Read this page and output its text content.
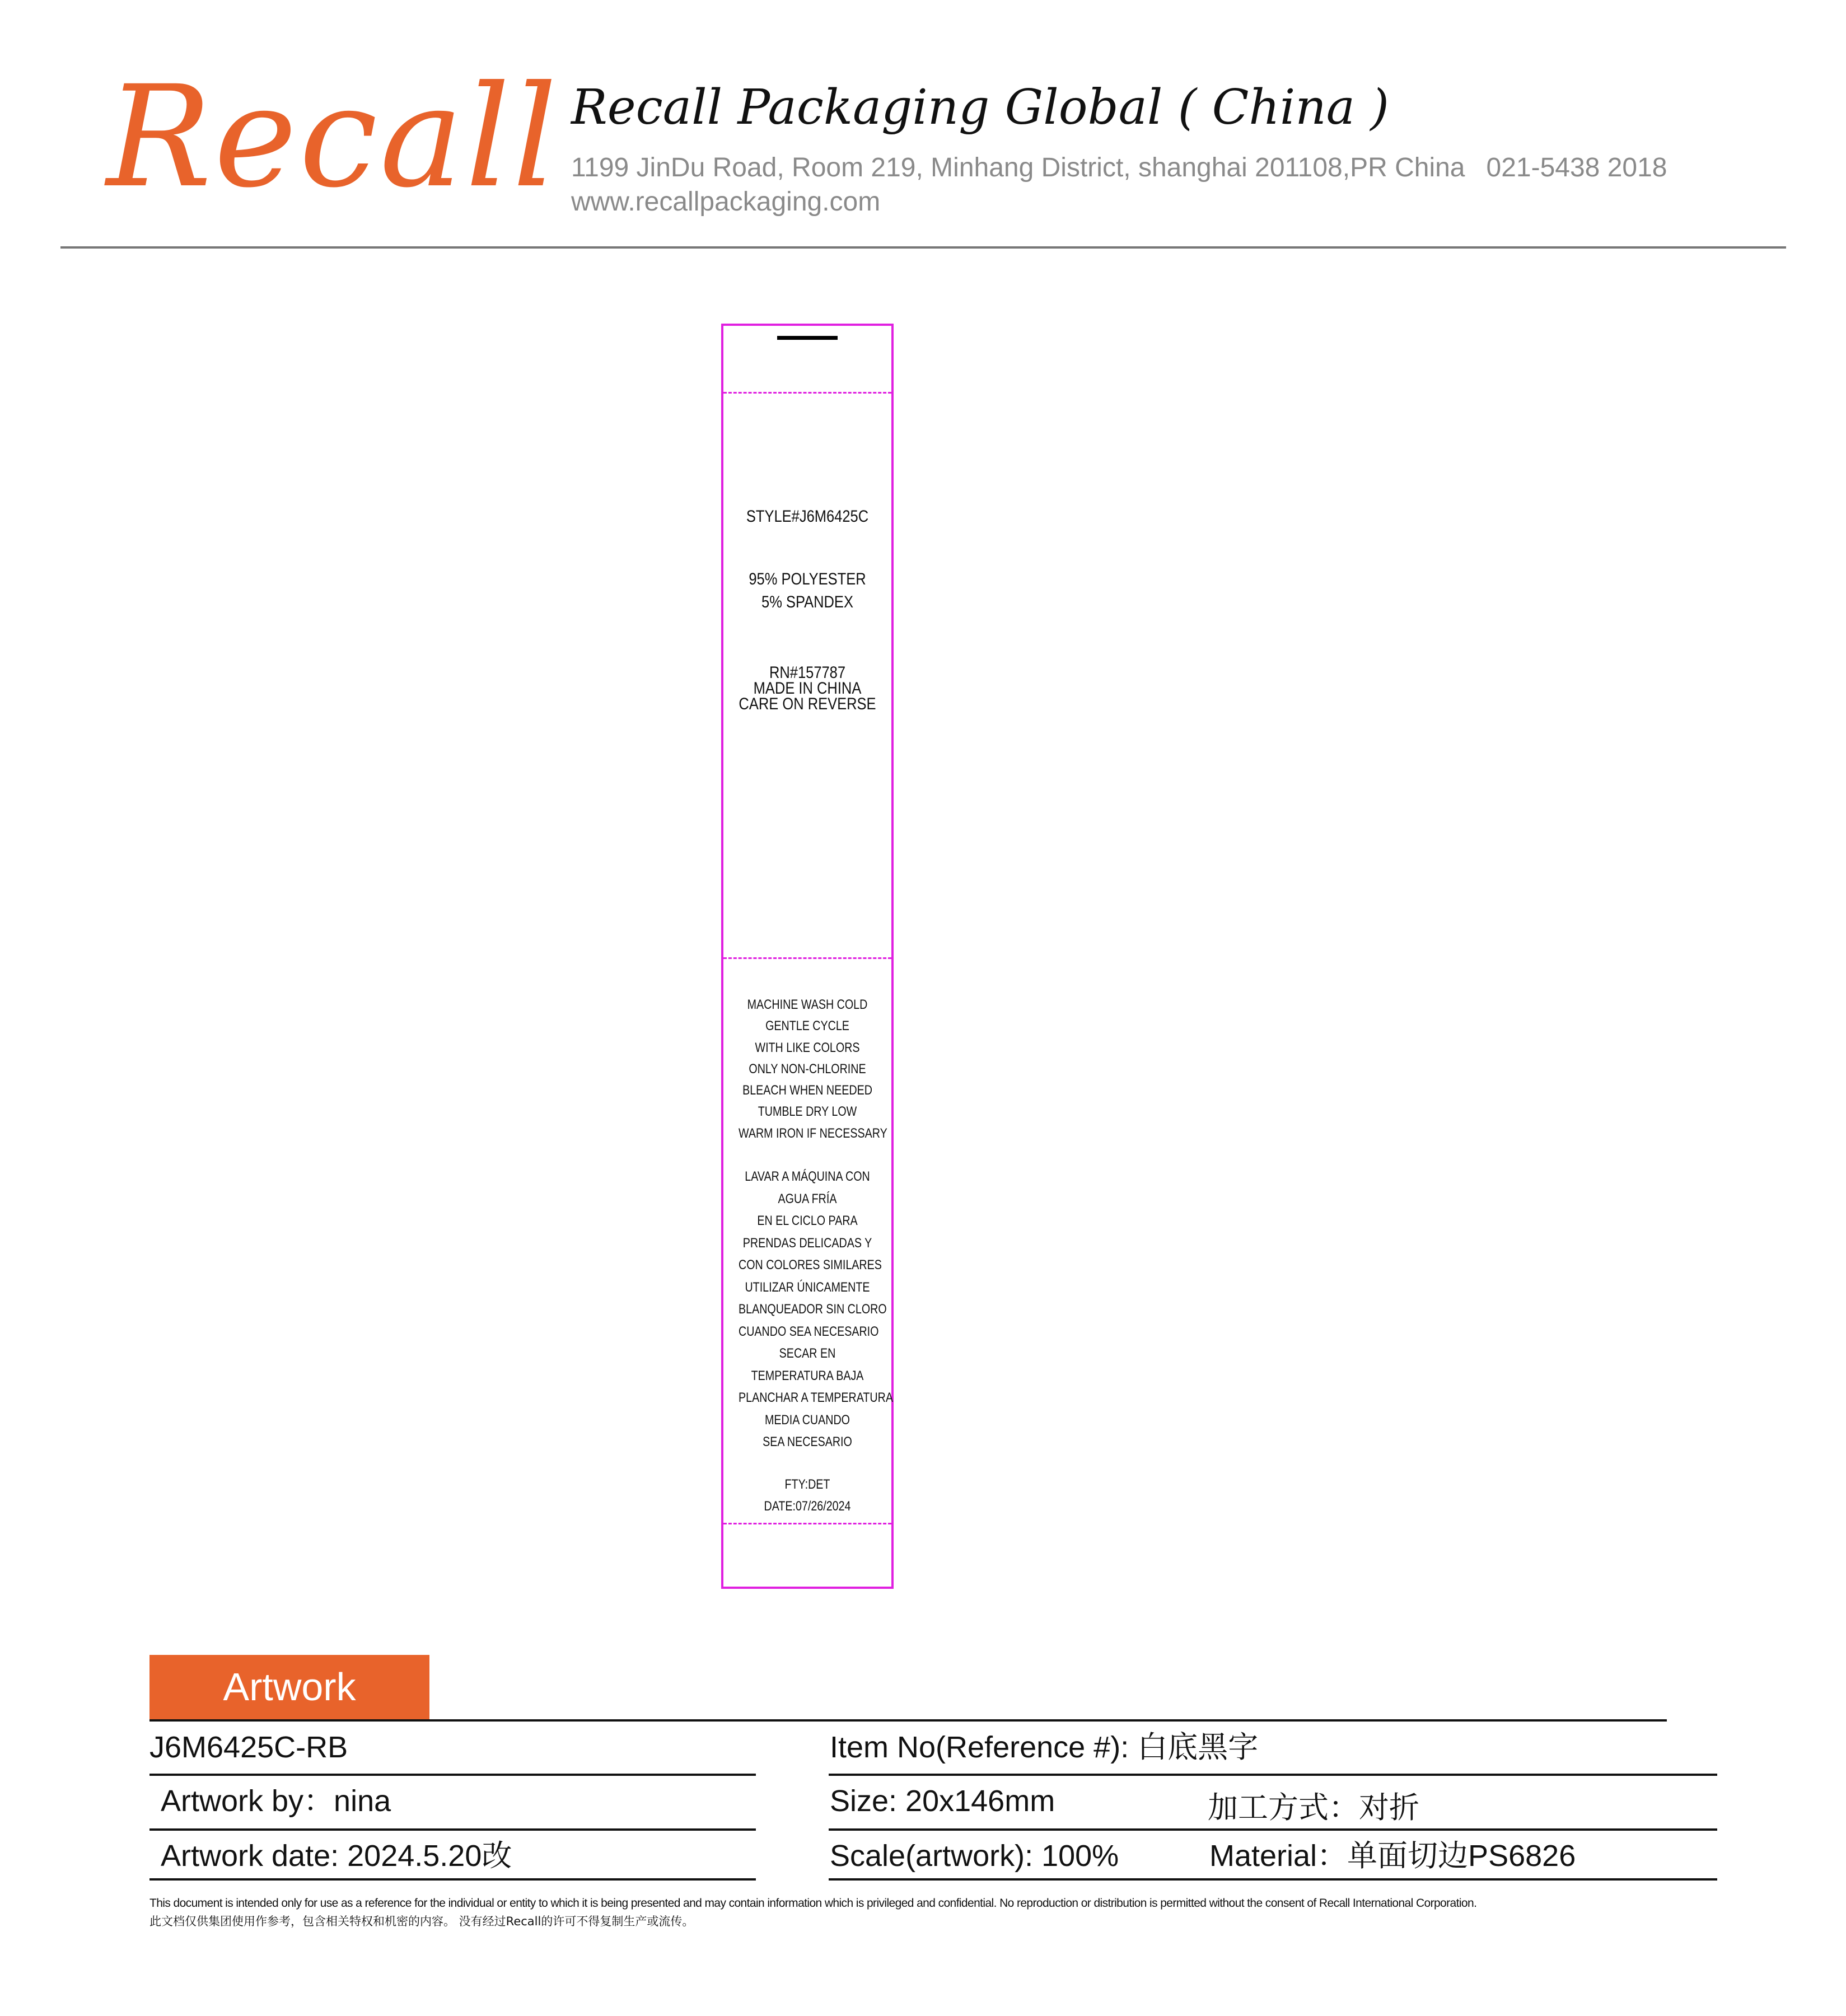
Recall Recall Packaging Global ( China )
1199 JinDu Road, Room 219, Minhang District, shanghai 201108,PR China 021-5438 2018
www.recallpackaging.com
STYLE#J6M6425C
95% POLYESTER
5% SPANDEX
RN#157787
MADE IN CHINA
CARE ON REVERSE
MACHINE WASH COLD
GENTLE CYCLE
WITH LIKE COLORS
ONLY NON-CHLORINE
BLEACH WHEN NEEDED
TUMBLE DRY LOW
WARM IRON IF NECESSARY
LAVAR A MÁQUINA CON
AGUA FRÍA
EN EL CICLO PARA
PRENDAS DELICADAS Y
CON COLORES SIMILARES
UTILIZAR ÚNICAMENTE
BLANQUEADOR SIN CLORO
CUANDO SEA NECESARIO
SECAR EN
TEMPERATURA BAJA
PLANCHAR A TEMPERATURA
MEDIA CUANDO
SEA NECESARIO
FTY:DET
DATE:07/26/2024
Artwork
J6M6425C-RB
Artwork by：nina
Artwork date: 2024.5.20改
Item No(Reference #): 白底黑字
Size: 20x146mm	加工方式：对折
Scale(artwork): 100%	Material：单面切边PS6826
This document is intended only for use as a reference for the individual or entity to which it is being presented and may contain information which is privileged and confidential. No reproduction or distribution is permitted without the consent of Recall International Corporation.
此文档仅供集团使用作参考，包含相关特权和机密的内容。 没有经过Recall的许可不得复制生产或流传。
